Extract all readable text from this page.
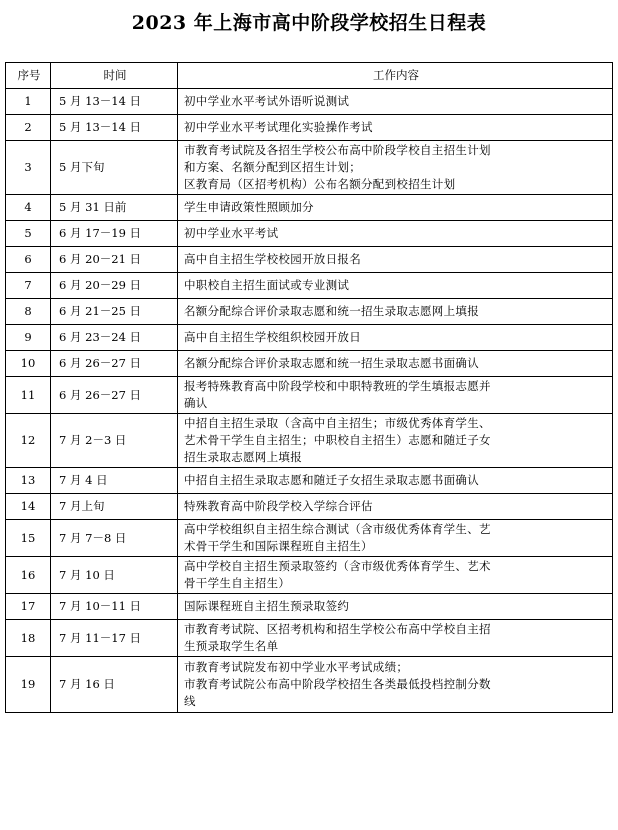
2023 年上海市高中阶段学校招生日程表
序号	时间	工作内容
1	5 月 13－14 日	初中学业水平考试外语听说测试

2	5 月 13－14 日	初中学业水平考试理化实验操作考试

3	5 月下旬	市教育考试院及各招生学校公布高中阶段学校自主招生计划
和方案、名额分配到区招生计划；
区教育局（区招考机构）公布名额分配到校招生计划

4	5 月 31 日前	学生申请政策性照顾加分

5	6 月 17－19 日	初中学业水平考试

6	6 月 20－21 日	高中自主招生学校校园开放日报名

7	6 月 20－29 日	中职校自主招生面试或专业测试

8	6 月 21－25 日	名额分配综合评价录取志愿和统一招生录取志愿网上填报

9	6 月 23－24 日	高中自主招生学校组织校园开放日

10	6 月 26－27 日	名额分配综合评价录取志愿和统一招生录取志愿书面确认

11	6 月 26－27 日	报考特殊教育高中阶段学校和中职特教班的学生填报志愿并
确认

12	7 月 2－3 日	中招自主招生录取（含高中自主招生；市级优秀体育学生、
艺术骨干学生自主招生；中职校自主招生）志愿和随迁子女
招生录取志愿网上填报

13	7 月 4 日	中招自主招生录取志愿和随迁子女招生录取志愿书面确认

14	7 月上旬	特殊教育高中阶段学校入学综合评估

15	7 月 7－8 日	高中学校组织自主招生综合测试（含市级优秀体育学生、艺
术骨干学生和国际课程班自主招生）

16	7 月 10 日	高中学校自主招生预录取签约（含市级优秀体育学生、艺术
骨干学生自主招生）

17	7 月 10－11 日	国际课程班自主招生预录取签约

18	7 月 11－17 日	市教育考试院、区招考机构和招生学校公布高中学校自主招
生预录取学生名单

19	7 月 16 日	市教育考试院发布初中学业水平考试成绩；
市教育考试院公布高中阶段学校招生各类最低投档控制分数
线
